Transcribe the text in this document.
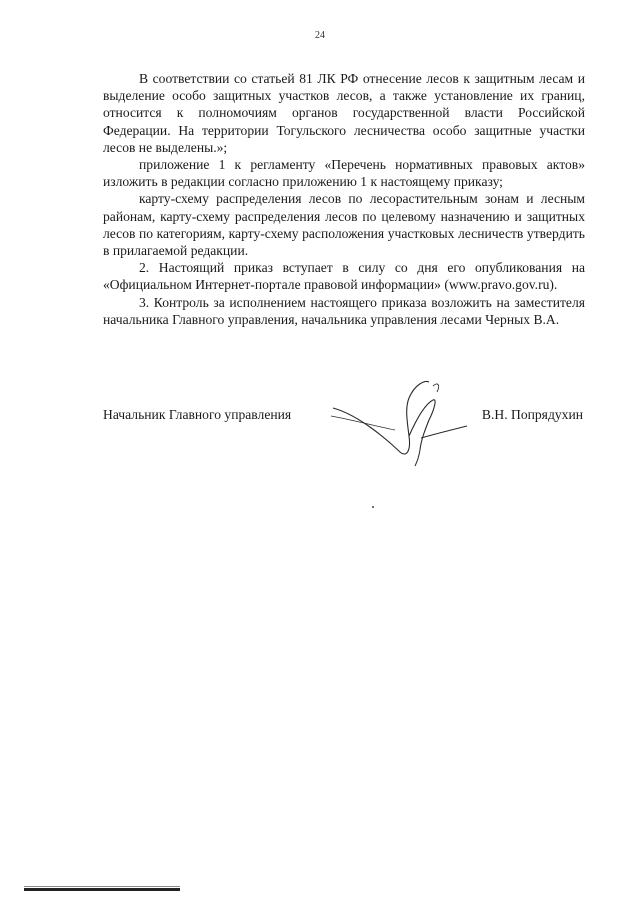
24

В соответствии со статьей 81 ЛК РФ отнесение лесов к защитным лесам и выделение особо защитных участков лесов, а также установление их границ, относится к полномочиям органов государственной власти Российской Федерации. На территории Тогульского лесничества особо защитные участки лесов не выделены.»;

приложение 1 к регламенту «Перечень нормативных правовых актов» изложить в редакции согласно приложению 1 к настоящему приказу;

карту-схему распределения лесов по лесорастительным зонам и лесным районам, карту-схему распределения лесов по целевому назначению и защитных лесов по категориям, карту-схему расположения участковых лесничеств утвердить в прилагаемой редакции.

2. Настоящий приказ вступает в силу со дня его опубликования на «Официальном Интернет-портале правовой информации» (www.pravo.gov.ru).

3. Контроль за исполнением настоящего приказа возложить на заместителя начальника Главного управления, начальника управления лесами Черных В.А.

Начальник Главного управления	В.Н. Попрядухин
